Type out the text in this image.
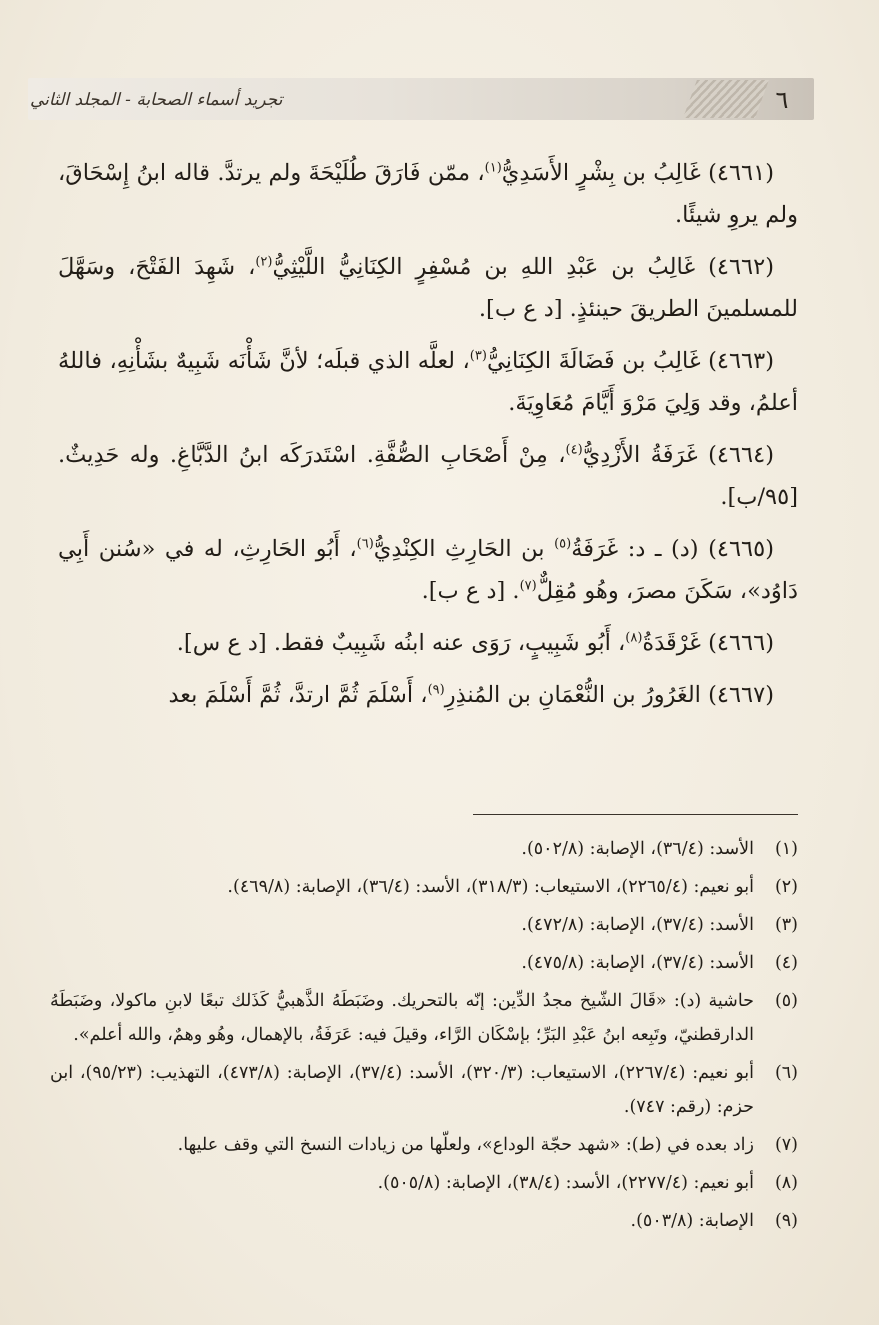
٦
تجريد أسماء الصحابة - المجلد الثاني
(٤٦٦١) غَالِبُ بن بِشْرٍ الأَسَدِيُّ$^{(١)}$، ممّن فَارَقَ طُلَيْحَةَ ولم يرتدَّ. قاله ابنُ إِسْحَاقَ، ولم يروِ شيئًا.
(٤٦٦٢) غَالِبُ بن عَبْدِ اللهِ بن مُسْفِرٍ الكِنَانِيُّ اللَّيْثِيُّ$^{(٢)}$، شَهِدَ الفَتْحَ، وسَهَّلَ للمسلمينَ الطريقَ حينئذٍ. [د ع ب].
(٤٦٦٣) غَالِبُ بن فَضَالَةَ الكِنَانِيُّ$^{(٣)}$، لعلَّه الذي قبلَه؛ لأنَّ شَأْنَه شَبِيهٌ بشَأْنِهِ، فاللهُ أعلمُ، وقد وَلِيَ مَرْوَ أَيَّامَ مُعَاوِيَةَ.
(٤٦٦٤) غَرَفَةُ الأَزْدِيُّ$^{(٤)}$، مِنْ أَصْحَابِ الصُّفَّةِ. اسْتَدرَكَه ابنُ الدَّبَّاغِ. وله حَدِيثٌ. [٩٥/ب].
(٤٦٦٥) (د) ـ د: غَرَفَةُ$^{(٥)}$ بن الحَارِثِ الكِنْدِيُّ$^{(٦)}$، أَبُو الحَارِثِ، له في «سُنن أَبِي دَاوُد»، سَكَنَ مصرَ، وهُو مُقِلٌّ$^{(٧)}$. [د ع ب].
(٤٦٦٦) غَرْقَدَةُ$^{(٨)}$، أَبُو شَبِيبٍ، رَوَى عنه ابنُه شَبِيبٌ فقط. [د ع س].
(٤٦٦٧) الغَرُورُ بن النُّعْمَانِ بن المُنذِرِ$^{(٩)}$، أَسْلَمَ ثُمَّ ارتدَّ، ثُمَّ أَسْلَمَ بعد
(١)
الأسد: (٣٦/٤)، الإصابة: (٥٠٢/٨).
(٢)
أبو نعيم: (٢٢٦٥/٤)، الاستيعاب: (٣١٨/٣)، الأسد: (٣٦/٤)، الإصابة: (٤٦٩/٨).
(٣)
الأسد: (٣٧/٤)، الإصابة: (٤٧٢/٨).
(٤)
الأسد: (٣٧/٤)، الإصابة: (٤٧٥/٨).
(٥)
حاشية (د): «قَالَ الشّيخ مجدُ الدِّين: إنّه بالتحريك. وضَبَطَهُ الذَّهبيُّ كَذَلك تبعًا لابنِ ماكولا، وضَبَطَهُ الدارقطنيّ، وتَبِعه ابنُ عَبْدِ البَرِّ؛ بإسْكَان الرَّاء، وقيلَ فيه: عَرَفَةُ، بالإهمال، وهُو وهمٌ، والله أعلم».
(٦)
أبو نعيم: (٢٢٦٧/٤)، الاستيعاب: (٣٢٠/٣)، الأسد: (٣٧/٤)، الإصابة: (٤٧٣/٨)، التهذيب: (٩٥/٢٣)، ابن حزم: (رقم: ٧٤٧).
(٧)
زاد بعده في (ط): «شهد حجّة الوداع»، ولعلّها من زيادات النسخ التي وقف عليها.
(٨)
أبو نعيم: (٢٢٧٧/٤)، الأسد: (٣٨/٤)، الإصابة: (٥٠٥/٨).
(٩)
الإصابة: (٥٠٣/٨).
